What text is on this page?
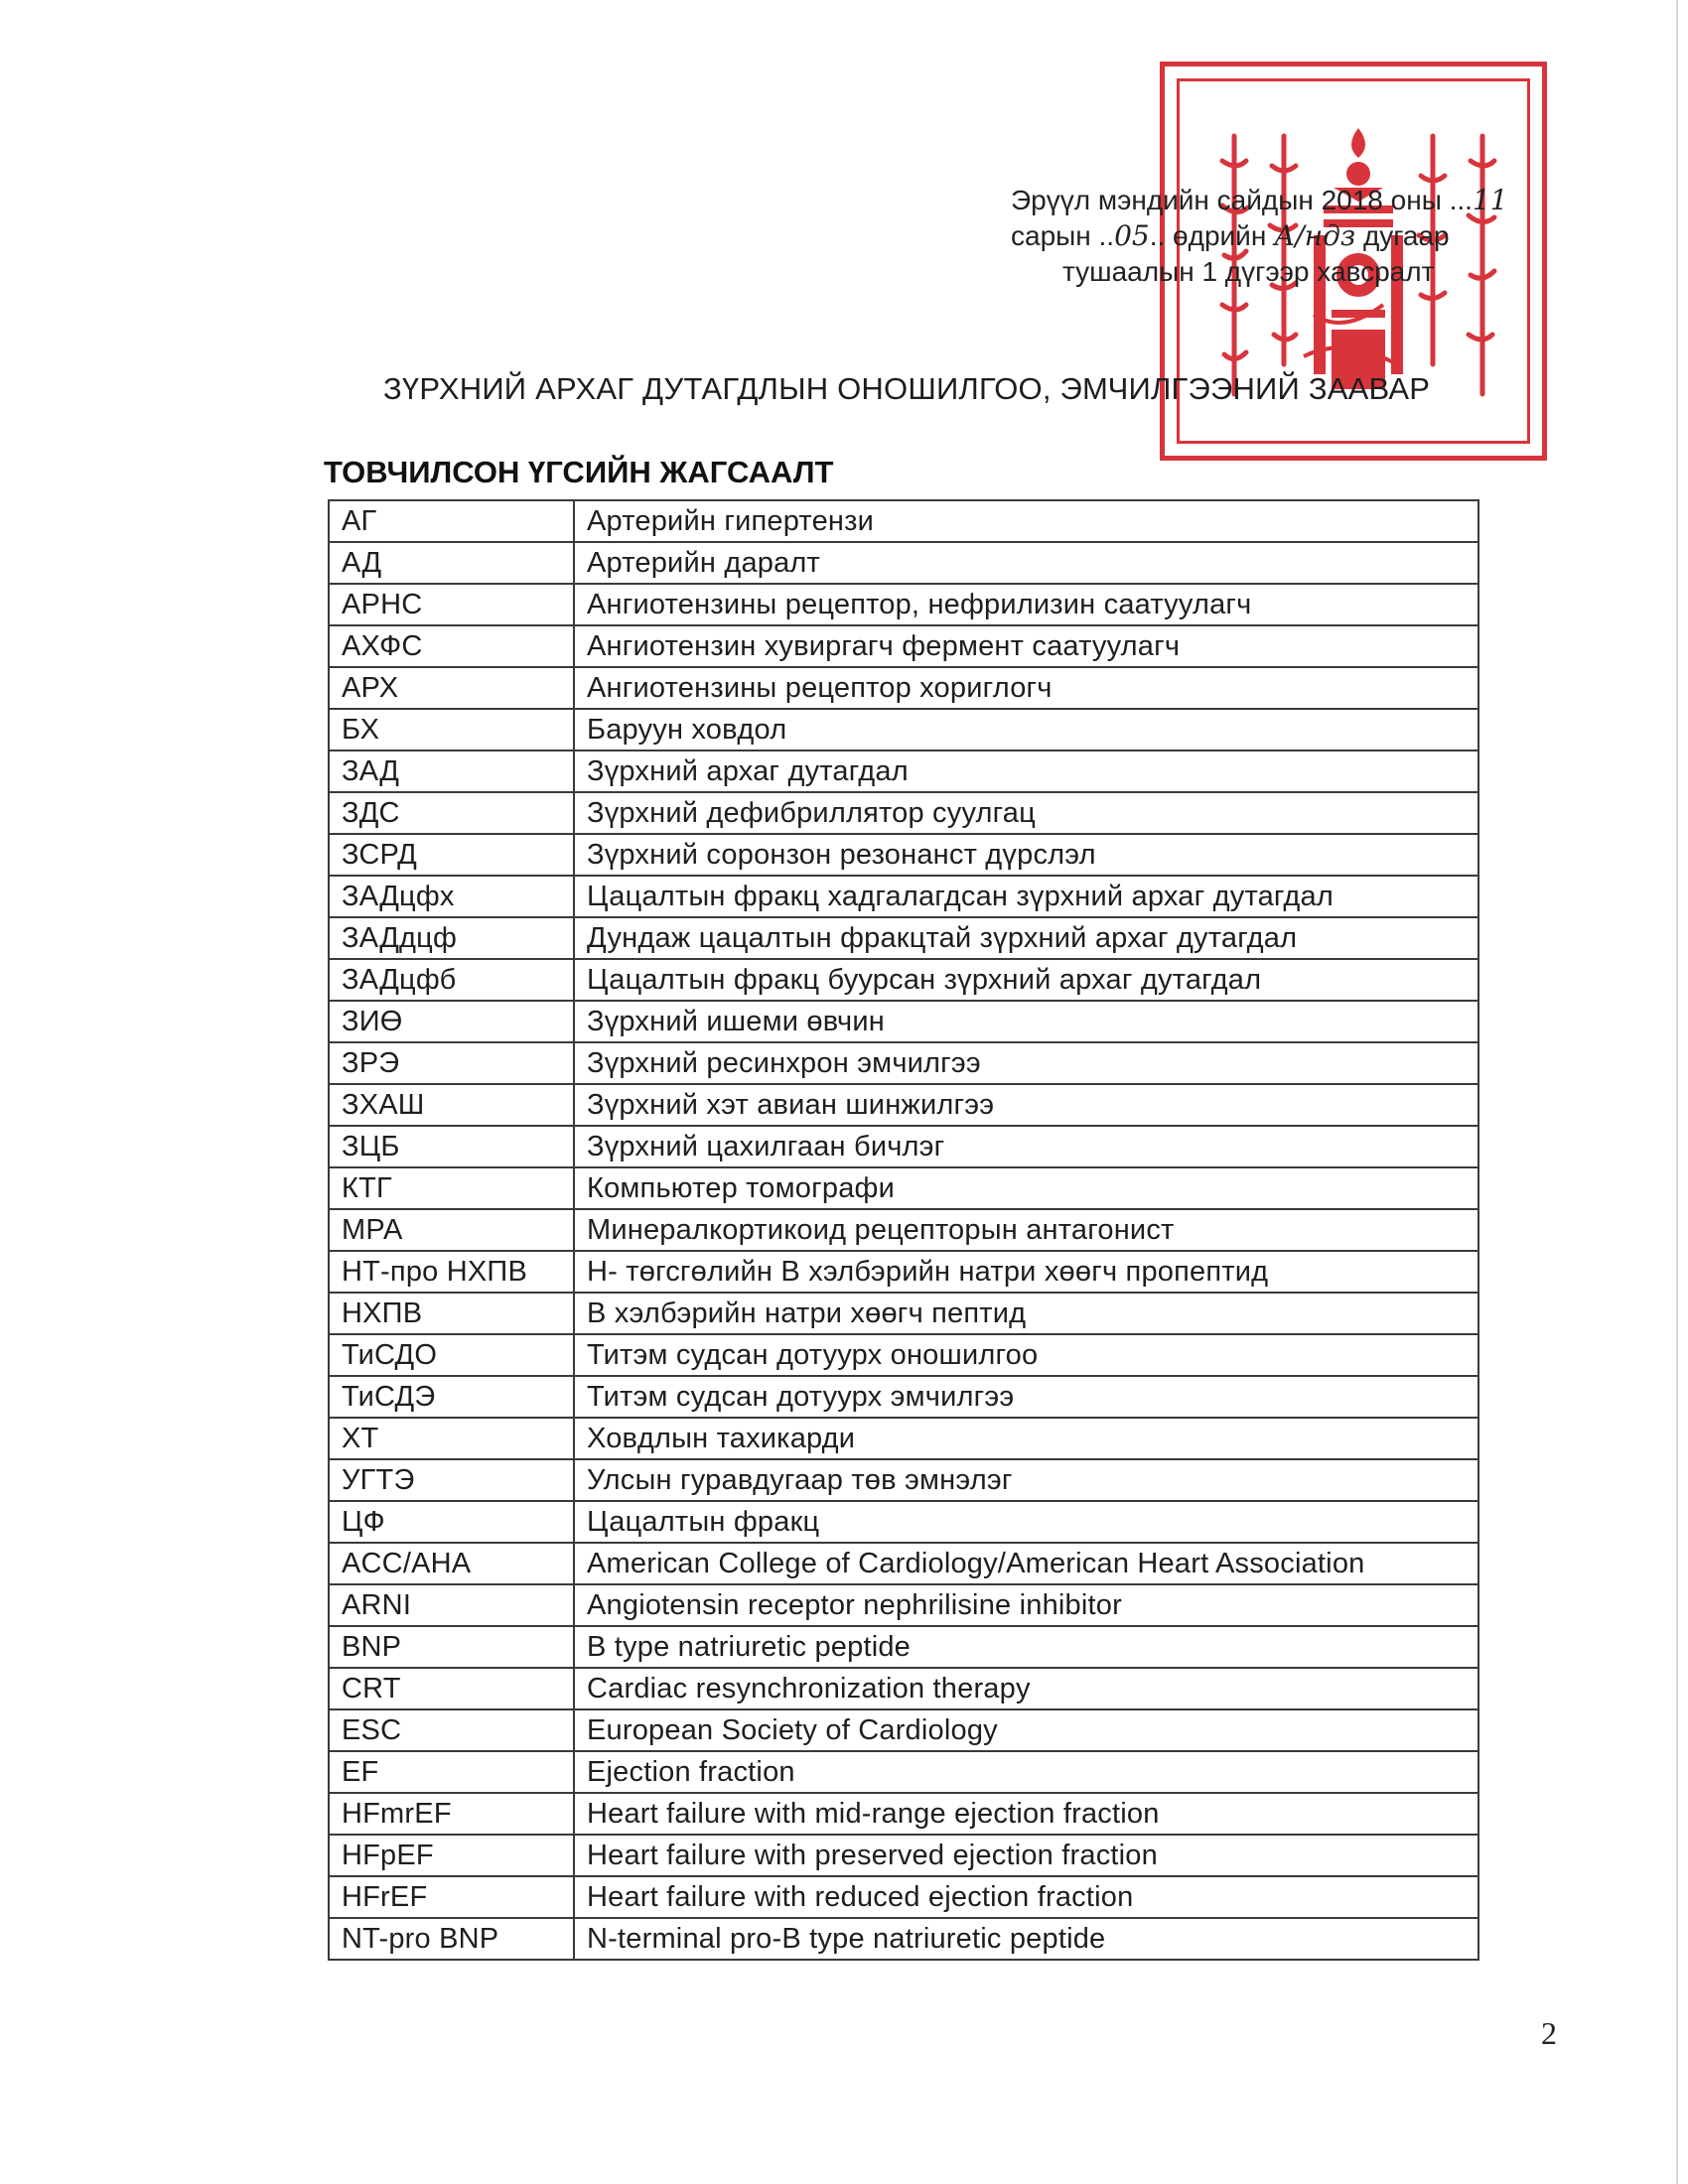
Эрүүл мэндийн сайдын 2018 оны ...11
сарын ..05.. өдрийн А/ндз дугаар
тушаалын 1 дүгээр хавсралт
ЗҮРХНИЙ АРХАГ ДУТАГДЛЫН ОНОШИЛГОО, ЭМЧИЛГЭЭНИЙ ЗААВАР
ТОВЧИЛСОН ҮГСИЙН ЖАГСААЛТ
АГ	Артерийн гипертензи
АД	Артерийн даралт
АРНС	Ангиотензины рецептор, нефрилизин саатуулагч
АХФС	Ангиотензин хувиргагч фермент саатуулагч
АРХ	Ангиотензины рецептор хориглогч
БХ	Баруун ховдол
ЗАД	Зүрхний архаг дутагдал
ЗДС	Зүрхний дефибриллятор суулгац
ЗСРД	Зүрхний соронзон резонанст дүрслэл
ЗАДцфх	Цацалтын фракц хадгалагдсан зүрхний архаг дутагдал
ЗАДдцф	Дундаж цацалтын фракцтай зүрхний архаг дутагдал
ЗАДцфб	Цацалтын фракц буурсан зүрхний архаг дутагдал
ЗИӨ	Зүрхний ишеми өвчин
ЗРЭ	Зүрхний ресинхрон эмчилгээ
ЗХАШ	Зүрхний хэт авиан шинжилгээ
ЗЦБ	Зүрхний цахилгаан бичлэг
КТГ	Компьютер томографи
МРА	Минералкортикоид рецепторын антагонист
НТ-про НХПВ	Н- төгсгөлийн В хэлбэрийн натри хөөгч пропептид
НХПВ	В хэлбэрийн натри хөөгч пептид
ТиСДО	Титэм судсан дотуурх оношилгоо
ТиСДЭ	Титэм судсан дотуурх эмчилгээ
ХТ	Ховдлын тахикарди
УГТЭ	Улсын гуравдугаар төв эмнэлэг
ЦФ	Цацалтын фракц
ACC/AHA	American College of Cardiology/American Heart Association
ARNI	Angiotensin receptor nephrilisine inhibitor
BNP	B type natriuretic peptide
CRT	Cardiac resynchronization therapy
ESC	European Society of Cardiology
EF	Ejection fraction
HFmrEF	Heart failure with mid-range ejection fraction
HFpEF	Heart failure with preserved ejection fraction
HFrEF	Heart failure with reduced ejection fraction
NT-pro BNP	N-terminal pro-B type natriuretic peptide
2
